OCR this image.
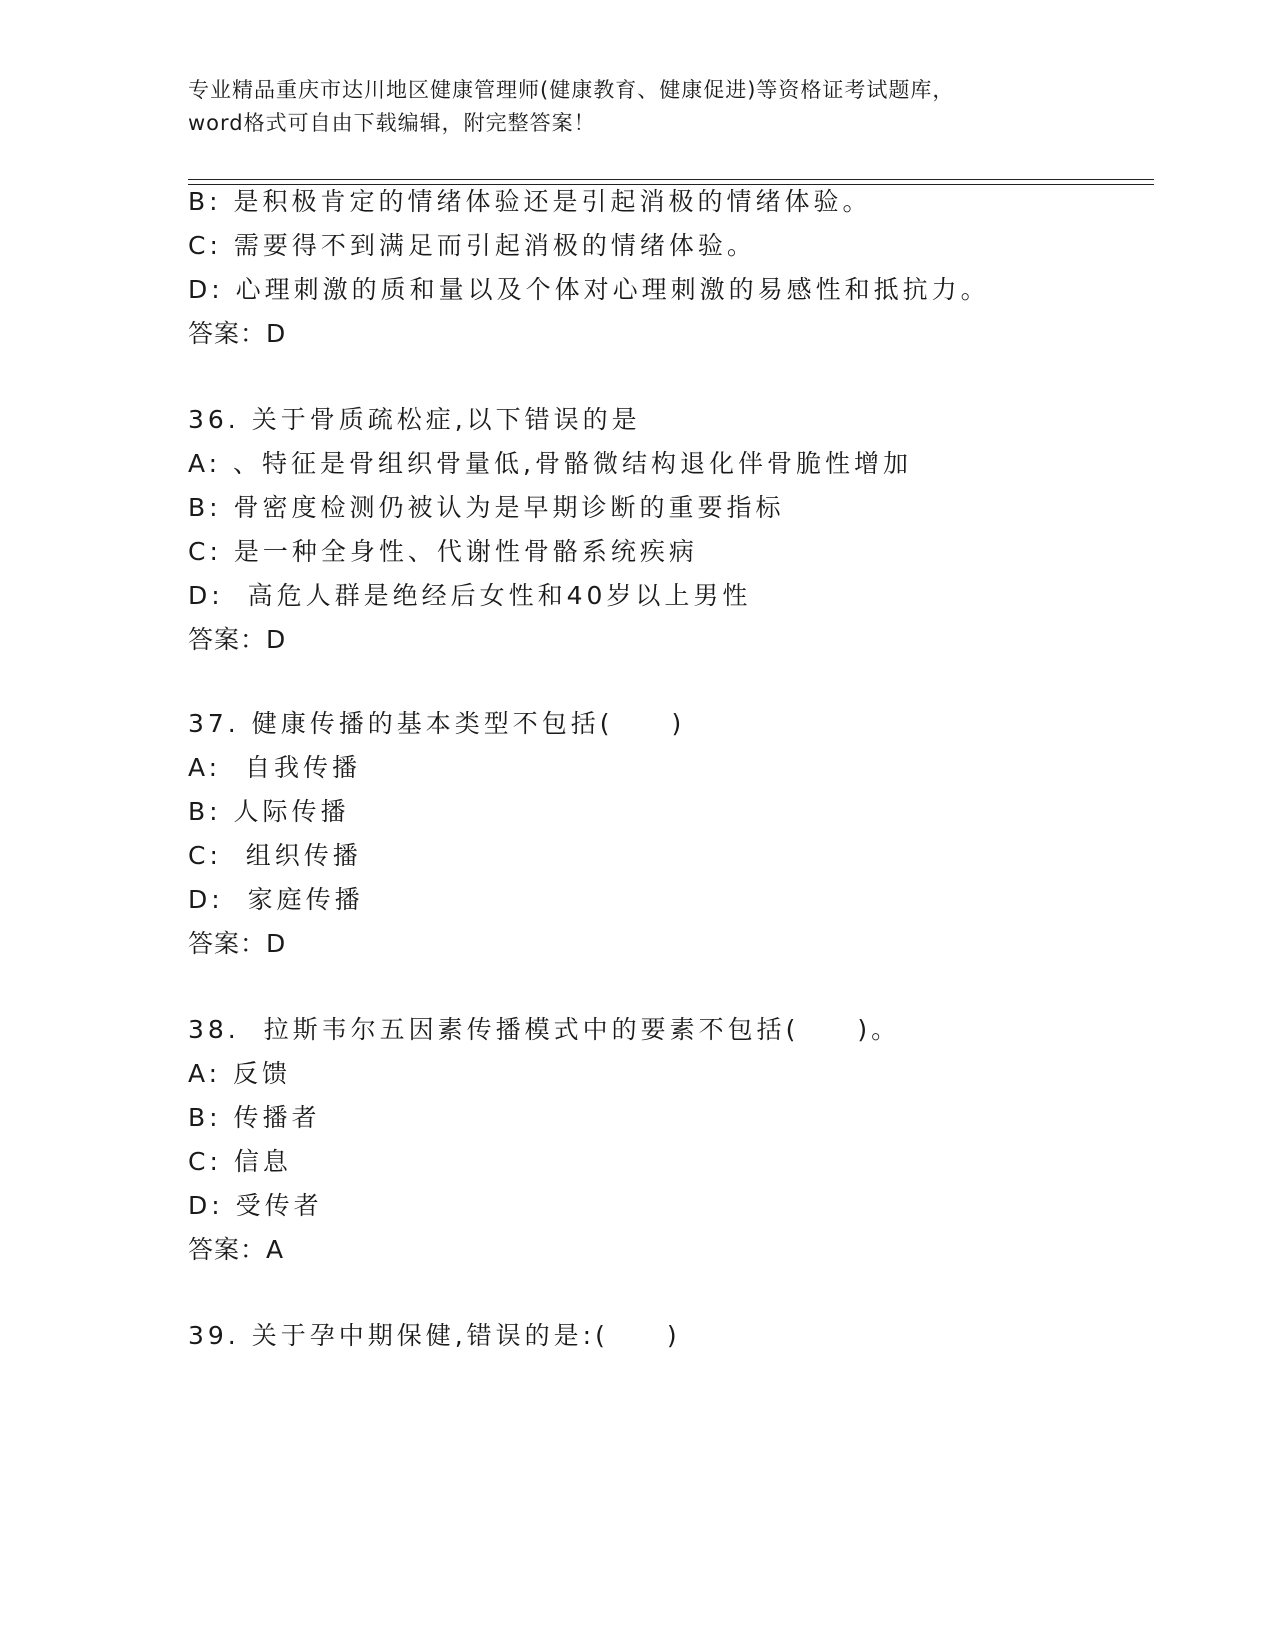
专业精品重庆市达川地区健康管理师(健康教育、健康促进)等资格证考试题库，
word格式可自由下载编辑，附完整答案！
B: 是积极肯定的情绪体验还是引起消极的情绪体验。
C: 需要得不到满足而引起消极的情绪体验。
D: 心理刺激的质和量以及个体对心理刺激的易感性和抵抗力。
答案：D
36. 关于骨质疏松症,以下错误的是
A: 、特征是骨组织骨量低,骨骼微结构退化伴骨脆性增加
B: 骨密度检测仍被认为是早期诊断的重要指标
C: 是一种全身性、代谢性骨骼系统疾病
D:  高危人群是绝经后女性和40岁以上男性
答案：D
37. 健康传播的基本类型不包括(　　)
A:  自我传播
B: 人际传播
C:  组织传播
D:  家庭传播
答案：D
38.  拉斯韦尔五因素传播模式中的要素不包括(　　)。
A: 反馈
B: 传播者
C: 信息
D: 受传者
答案：A
39. 关于孕中期保健,错误的是:(　　)
